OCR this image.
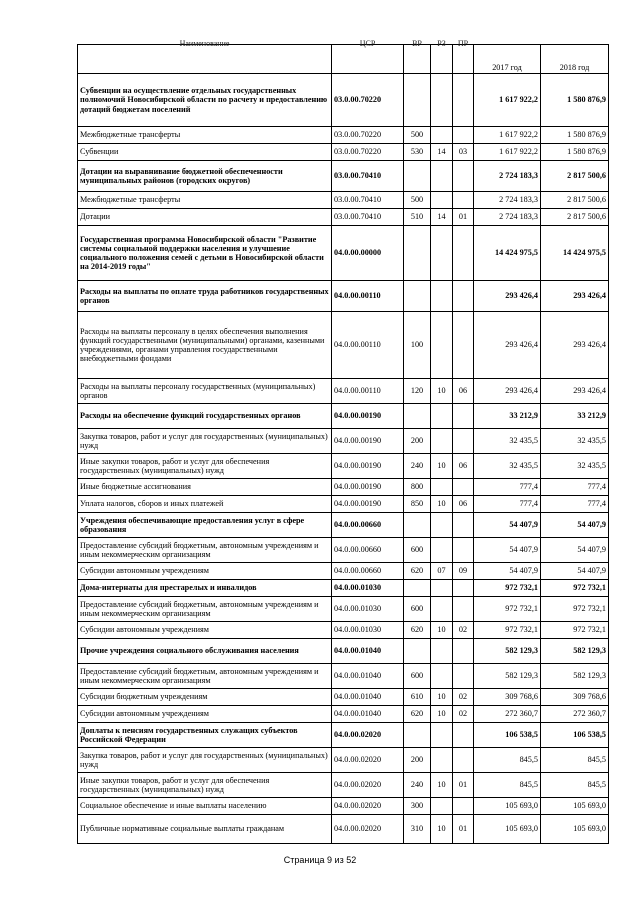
Наименование	ЦСР	ВР	РЗ	ПР	2017 год	2018 год
Субвенции на осуществление отдельных государственных полномочий Новосибирской области по расчету и предоставлению дотаций бюджетам поселений	03.0.00.70220				1 617 922,2	1 580 876,9
Межбюджетные трансферты	03.0.00.70220	500			1 617 922,2	1 580 876,9
Субвенции	03.0.00.70220	530	14	03	1 617 922,2	1 580 876,9
Дотации на выравнивание бюджетной обеспеченности муниципальных районов (городских округов)	03.0.00.70410				2 724 183,3	2 817 500,6
Межбюджетные трансферты	03.0.00.70410	500			2 724 183,3	2 817 500,6
Дотации	03.0.00.70410	510	14	01	2 724 183,3	2 817 500,6
Государственная программа Новосибирской области "Развитие системы социальной поддержки населения и улучшение социального положения семей с детьми в Новосибирской области на 2014-2019 годы"	04.0.00.00000				14 424 975,5	14 424 975,5
Расходы на выплаты по оплате труда работников государственных органов	04.0.00.00110				293 426,4	293 426,4
Расходы на выплаты персоналу в целях обеспечения выполнения функций государственными (муниципальными) органами, казенными учреждениями, органами управления государственными внебюджетными фондами	04.0.00.00110	100			293 426,4	293 426,4
Расходы на выплаты персоналу государственных (муниципальных) органов	04.0.00.00110	120	10	06	293 426,4	293 426,4
Расходы на обеспечение функций государственных органов	04.0.00.00190				33 212,9	33 212,9
Закупка товаров, работ и услуг для государственных (муниципальных) нужд	04.0.00.00190	200			32 435,5	32 435,5
Иные закупки товаров, работ и услуг для обеспечения государственных (муниципальных) нужд	04.0.00.00190	240	10	06	32 435,5	32 435,5
Иные бюджетные ассигнования	04.0.00.00190	800			777,4	777,4
Уплата налогов, сборов и иных платежей	04.0.00.00190	850	10	06	777,4	777,4
Учреждения обеспечивающие предоставления услуг в сфере образования	04.0.00.00660				54 407,9	54 407,9
Предоставление субсидий бюджетным, автономным учреждениям и иным некоммерческим организациям	04.0.00.00660	600			54 407,9	54 407,9
Субсидии автономным учреждениям	04.0.00.00660	620	07	09	54 407,9	54 407,9
Дома-интернаты для престарелых и инвалидов	04.0.00.01030				972 732,1	972 732,1
Предоставление субсидий бюджетным, автономным учреждениям и иным некоммерческим организациям	04.0.00.01030	600			972 732,1	972 732,1
Субсидии автономным учреждениям	04.0.00.01030	620	10	02	972 732,1	972 732,1
Прочие учреждения социального обслуживания населения	04.0.00.01040				582 129,3	582 129,3
Предоставление субсидий бюджетным, автономным учреждениям и иным некоммерческим организациям	04.0.00.01040	600			582 129,3	582 129,3
Субсидии бюджетным учреждениям	04.0.00.01040	610	10	02	309 768,6	309 768,6
Субсидии автономным учреждениям	04.0.00.01040	620	10	02	272 360,7	272 360,7
Доплаты к пенсиям государственных служащих субъектов Российской Федерации	04.0.00.02020				106 538,5	106 538,5
Закупка товаров, работ и услуг для государственных (муниципальных) нужд	04.0.00.02020	200			845,5	845,5
Иные закупки товаров, работ и услуг для обеспечения государственных (муниципальных) нужд	04.0.00.02020	240	10	01	845,5	845,5
Социальное обеспечение и иные выплаты населению	04.0.00.02020	300			105 693,0	105 693,0
Публичные нормативные социальные выплаты гражданам	04.0.00.02020	310	10	01	105 693,0	105 693,0
Страница 9 из 52
